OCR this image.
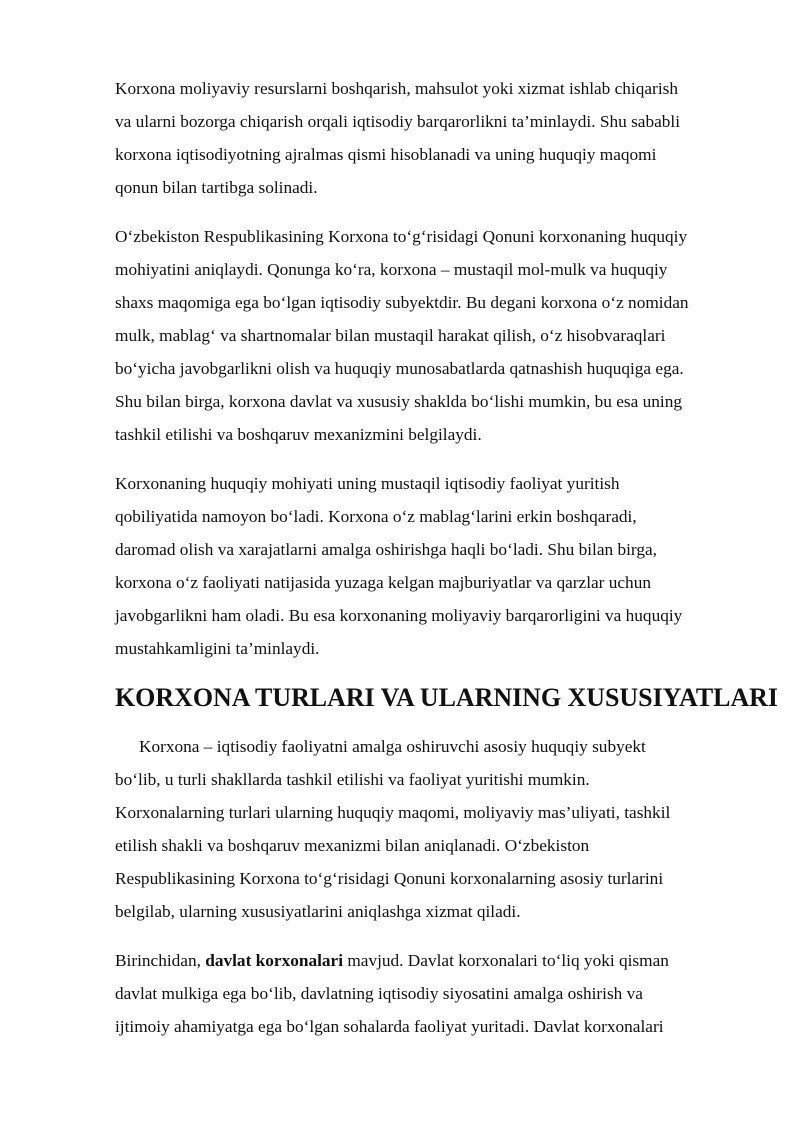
Korxona moliyaviy resurslarni boshqarish, mahsulot yoki xizmat ishlab chiqarish
va ularni bozorga chiqarish orqali iqtisodiy barqarorlikni ta’minlaydi. Shu sababli
korxona iqtisodiyotning ajralmas qismi hisoblanadi va uning huquqiy maqomi
qonun bilan tartibga solinadi.

O‘zbekiston Respublikasining Korxona to‘g‘risidagi Qonuni korxonaning huquqiy
mohiyatini aniqlaydi. Qonunga ko‘ra, korxona – mustaqil mol-mulk va huquqiy
shaxs maqomiga ega bo‘lgan iqtisodiy subyektdir. Bu degani korxona o‘z nomidan
mulk, mablag‘ va shartnomalar bilan mustaqil harakat qilish, o‘z hisobvaraqlari
bo‘yicha javobgarlikni olish va huquqiy munosabatlarda qatnashish huquqiga ega.
Shu bilan birga, korxona davlat va xususiy shaklda bo‘lishi mumkin, bu esa uning
tashkil etilishi va boshqaruv mexanizmini belgilaydi.

Korxonaning huquqiy mohiyati uning mustaqil iqtisodiy faoliyat yuritish
qobiliyatida namoyon bo‘ladi. Korxona o‘z mablag‘larini erkin boshqaradi,
daromad olish va xarajatlarni amalga oshirishga haqli bo‘ladi. Shu bilan birga,
korxona o‘z faoliyati natijasida yuzaga kelgan majburiyatlar va qarzlar uchun
javobgarlikni ham oladi. Bu esa korxonaning moliyaviy barqarorligini va huquqiy
mustahkamligini ta’minlaydi.

KORXONA TURLARI VA ULARNING XUSUSIYATLARI

Korxona – iqtisodiy faoliyatni amalga oshiruvchi asosiy huquqiy subyekt
bo‘lib, u turli shakllarda tashkil etilishi va faoliyat yuritishi mumkin.
Korxonalarning turlari ularning huquqiy maqomi, moliyaviy mas’uliyati, tashkil
etilish shakli va boshqaruv mexanizmi bilan aniqlanadi. O‘zbekiston
Respublikasining Korxona to‘g‘risidagi Qonuni korxonalarning asosiy turlarini
belgilab, ularning xususiyatlarini aniqlashga xizmat qiladi.

Birinchidan, davlat korxonalari mavjud. Davlat korxonalari to‘liq yoki qisman
davlat mulkiga ega bo‘lib, davlatning iqtisodiy siyosatini amalga oshirish va
ijtimoiy ahamiyatga ega bo‘lgan sohalarda faoliyat yuritadi. Davlat korxonalari
